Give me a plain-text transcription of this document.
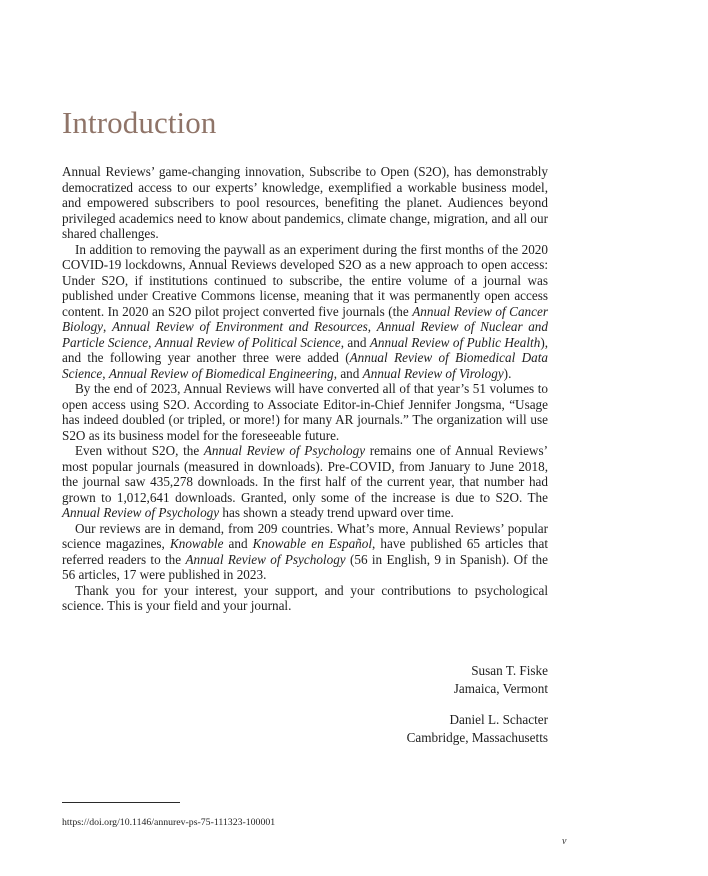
Introduction

Annual Reviews’ game-changing innovation, Subscribe to Open (S2O), has demonstrably democratized access to our experts’ knowledge, exemplified a workable business model, and empowered subscribers to pool resources, benefiting the planet. Audiences beyond privileged academics need to know about pandemics, climate change, migration, and all our shared challenges.

In addition to removing the paywall as an experiment during the first months of the 2020 COVID-19 lockdowns, Annual Reviews developed S2O as a new approach to open access: Under S2O, if institutions continued to subscribe, the entire volume of a journal was published under Creative Commons license, meaning that it was permanently open access content. In 2020 an S2O pilot project converted five journals (the Annual Review of Cancer Biology, Annual Review of Environment and Resources, Annual Review of Nuclear and Particle Science, Annual Review of Political Science, and Annual Review of Public Health), and the following year another three were added (Annual Review of Biomedical Data Science, Annual Review of Biomedical Engineering, and Annual Review of Virology).

By the end of 2023, Annual Reviews will have converted all of that year’s 51 volumes to open access using S2O. According to Associate Editor-in-Chief Jennifer Jongsma, “Usage has indeed doubled (or tripled, or more!) for many AR journals.” The organization will use S2O as its business model for the foreseeable future.

Even without S2O, the Annual Review of Psychology remains one of Annual Reviews’ most popular journals (measured in downloads). Pre-COVID, from January to June 2018, the journal saw 435,278 downloads. In the first half of the current year, that number had grown to 1,012,641 downloads. Granted, only some of the increase is due to S2O. The Annual Review of Psychology has shown a steady trend upward over time.

Our reviews are in demand, from 209 countries. What’s more, Annual Reviews’ popular science magazines, Knowable and Knowable en Español, have published 65 articles that referred readers to the Annual Review of Psychology (56 in English, 9 in Spanish). Of the 56 articles, 17 were published in 2023.

Thank you for your interest, your support, and your contributions to psychological science. This is your field and your journal.

Susan T. Fiske
Jamaica, Vermont
Daniel L. Schacter
Cambridge, Massachusetts
https://doi.org/10.1146/annurev-ps-75-111323-100001
v
